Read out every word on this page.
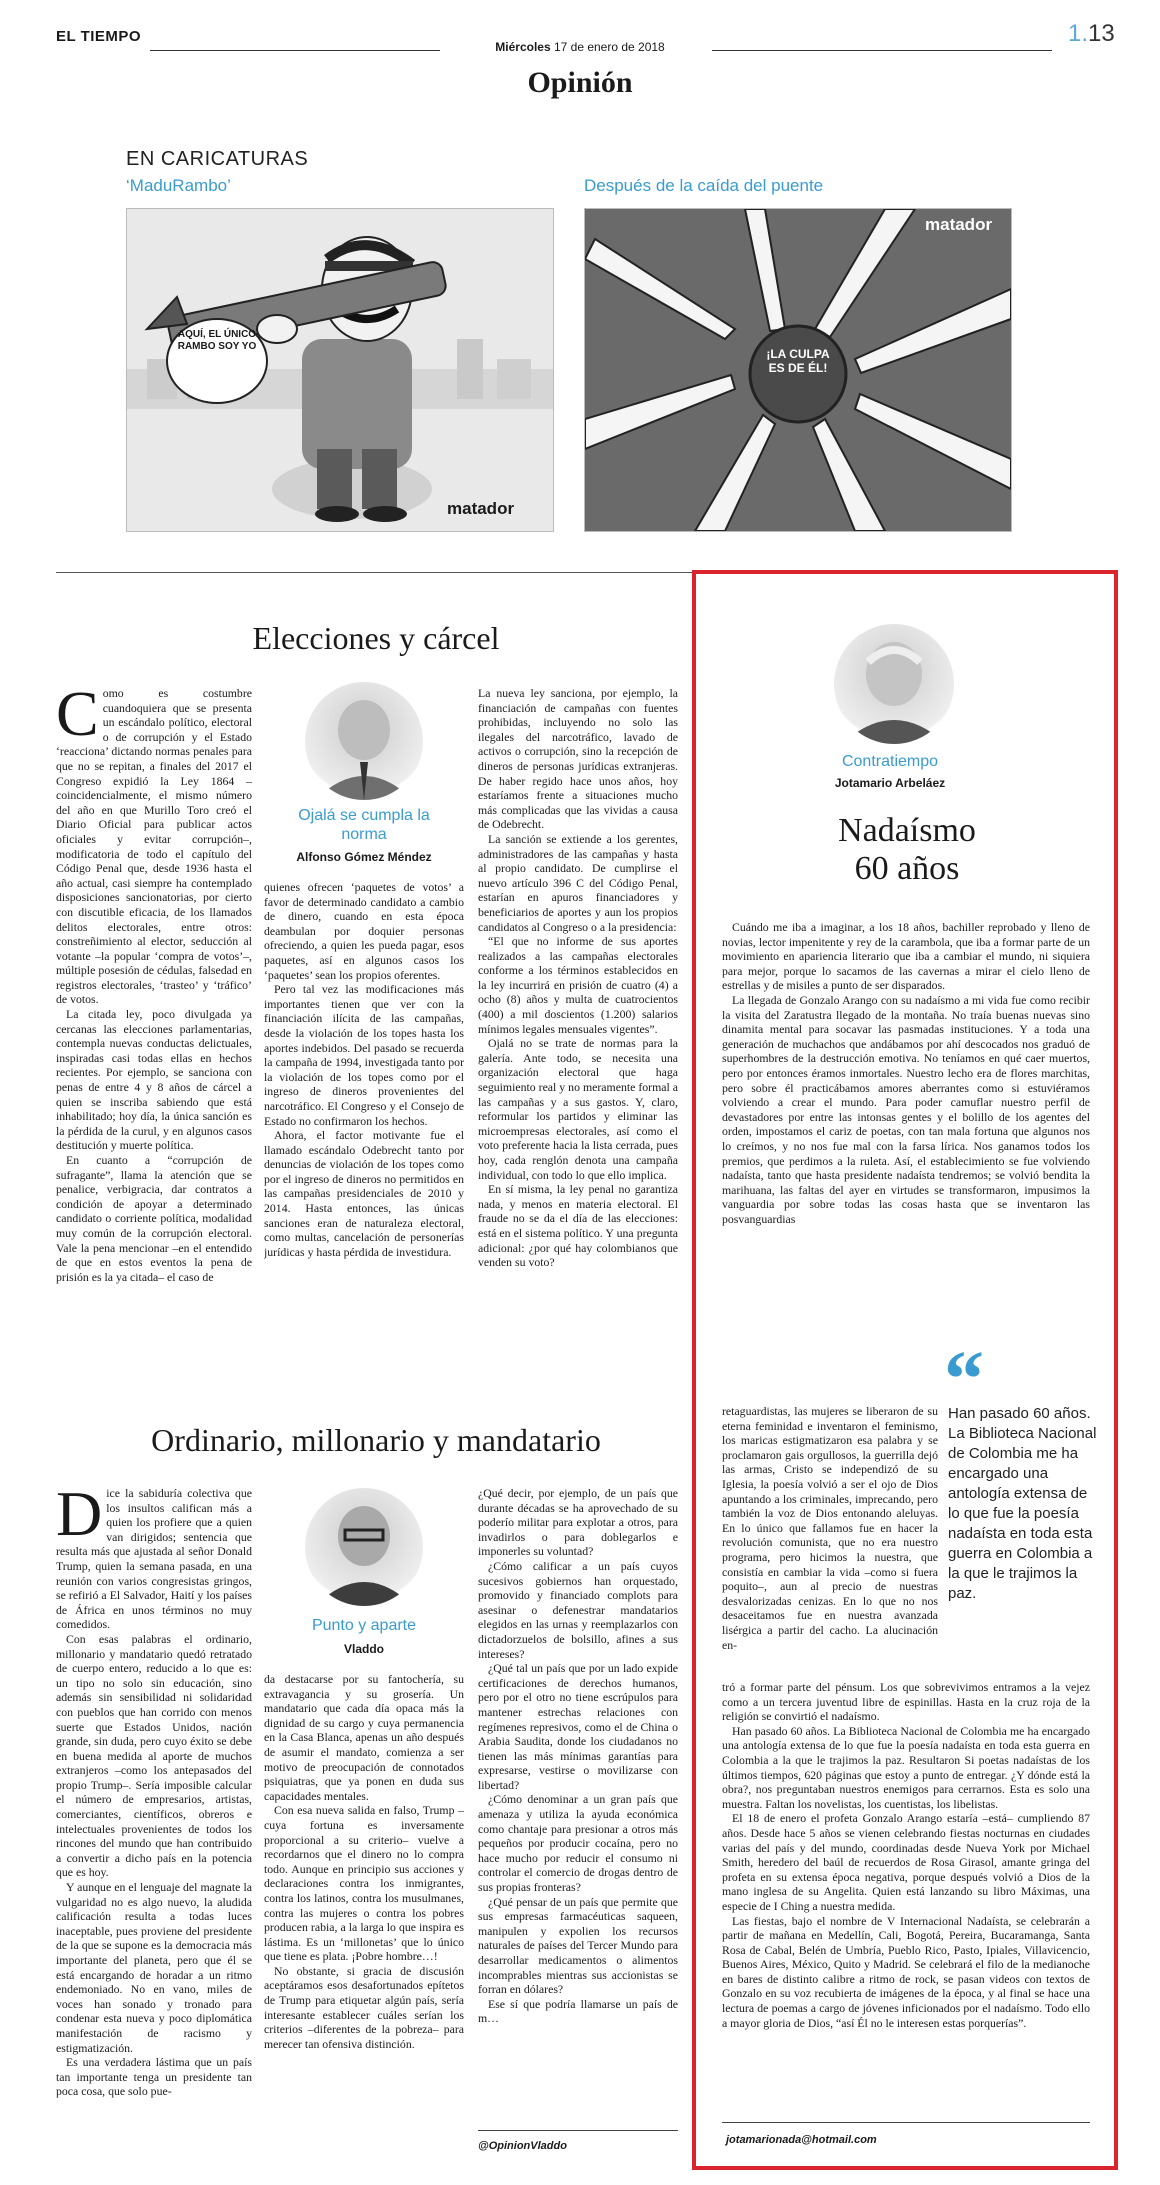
EL TIEMPO
Miércoles 17 de enero de 2018	1.13
Opinión
EN CARICATURAS
‘MaduRambo’	Después de la caída del puente
AQUÍ, EL ÚNICO RAMBO SOY YO
matador
¡LA CULPA ES DE ÉL!
matador
Elecciones y cárcel

Como es costumbre cuandoquiera que se presenta un escándalo político, electoral o de corrupción y el Estado ‘reacciona’ dictando normas penales para que no se repitan, a finales del 2017 el Congreso expidió la Ley 1864 –coincidencialmente, el mismo número del año en que Murillo Toro creó el Diario Oficial para publicar actos oficiales y evitar corrupción–, modificatoria de todo el capítulo del Código Penal que, desde 1936 hasta el año actual, casi siempre ha contemplado disposiciones sancionatorias, por cierto con discutible eficacia, de los llamados delitos electorales, entre otros: constreñimiento al elector, seducción al votante –la popular ‘compra de votos’–, múltiple posesión de cédulas, falsedad en registros electorales, ‘trasteo’ y ‘tráfico’ de votos.

La citada ley, poco divulgada ya cercanas las elecciones parlamentarias, contempla nuevas conductas delictuales, inspiradas casi todas ellas en hechos recientes. Por ejemplo, se sanciona con penas de entre 4 y 8 años de cárcel a quien se inscriba sabiendo que está inhabilitado; hoy día, la única sanción es la pérdida de la curul, y en algunos casos destitución y muerte política.

En cuanto a “corrupción de sufragante”, llama la atención que se penalice, verbigracia, dar contratos a condición de apoyar a determinado candidato o corriente política, modalidad muy común de la corrupción electoral. Vale la pena mencionar –en el entendido de que en estos eventos la pena de prisión es la ya citada– el caso de

Ojalá se cumpla la norma
Alfonso Gómez Méndez

quienes ofrecen ‘paquetes de votos’ a favor de determinado candidato a cambio de dinero, cuando en esta época deambulan por doquier personas ofreciendo, a quien les pueda pagar, esos paquetes, así en algunos casos los ‘paquetes’ sean los propios oferentes.

Pero tal vez las modificaciones más importantes tienen que ver con la financiación ilícita de las campañas, desde la violación de los topes hasta los aportes indebidos. Del pasado se recuerda la campaña de 1994, investigada tanto por la violación de los topes como por el ingreso de dineros provenientes del narcotráfico. El Congreso y el Consejo de Estado no confirmaron los hechos.

Ahora, el factor motivante fue el llamado escándalo Odebrecht tanto por denuncias de violación de los topes como por el ingreso de dineros no permitidos en las campañas presidenciales de 2010 y 2014. Hasta entonces, las únicas sanciones eran de naturaleza electoral, como multas, cancelación de personerías jurídicas y hasta pérdida de investidura.

La nueva ley sanciona, por ejemplo, la financiación de campañas con fuentes prohibidas, incluyendo no solo las ilegales del narcotráfico, lavado de activos o corrupción, sino la recepción de dineros de personas jurídicas extranjeras. De haber regido hace unos años, hoy estaríamos frente a situaciones mucho más complicadas que las vividas a causa de Odebrecht.

La sanción se extiende a los gerentes, administradores de las campañas y hasta al propio candidato. De cumplirse el nuevo artículo 396 C del Código Penal, estarían en apuros financiadores y beneficiarios de aportes y aun los propios candidatos al Congreso o a la presidencia:

“El que no informe de sus aportes realizados a las campañas electorales conforme a los términos establecidos en la ley incurrirá en prisión de cuatro (4) a ocho (8) años y multa de cuatrocientos (400) a mil doscientos (1.200) salarios mínimos legales mensuales vigentes”.

Ojalá no se trate de normas para la galería. Ante todo, se necesita una organización electoral que haga seguimiento real y no meramente formal a las campañas y a sus gastos. Y, claro, reformular los partidos y eliminar las microempresas electorales, así como el voto preferente hacia la lista cerrada, pues hoy, cada renglón denota una campaña individual, con todo lo que ello implica.

En sí misma, la ley penal no garantiza nada, y menos en materia electoral. El fraude no se da el día de las elecciones: está en el sistema político. Y una pregunta adicional: ¿por qué hay colombianos que venden su voto?

Ordinario, millonario y mandatario

Dice la sabiduría colectiva que los insultos califican más a quien los profiere que a quien van dirigidos; sentencia que resulta más que ajustada al señor Donald Trump, quien la semana pasada, en una reunión con varios congresistas gringos, se refirió a El Salvador, Haití y los países de África en unos términos no muy comedidos.

Con esas palabras el ordinario, millonario y mandatario quedó retratado de cuerpo entero, reducido a lo que es: un tipo no solo sin educación, sino además sin sensibilidad ni solidaridad con pueblos que han corrido con menos suerte que Estados Unidos, nación grande, sin duda, pero cuyo éxito se debe en buena medida al aporte de muchos extranjeros –como los antepasados del propio Trump–. Sería imposible calcular el número de empresarios, artistas, comerciantes, científicos, obreros e intelectuales provenientes de todos los rincones del mundo que han contribuido a convertir a dicho país en la potencia que es hoy.

Y aunque en el lenguaje del magnate la vulgaridad no es algo nuevo, la aludida calificación resulta a todas luces inaceptable, pues proviene del presidente de la que se supone es la democracia más importante del planeta, pero que él se está encargando de horadar a un ritmo endemoniado. No en vano, miles de voces han sonado y tronado para condenar esta nueva y poco diplomática manifestación de racismo y estigmatización.

Es una verdadera lástima que un país tan importante tenga un presidente tan poca cosa, que solo pue-

Punto y aparte
Vladdo

da destacarse por su fantochería, su extravagancia y su grosería. Un mandatario que cada día opaca más la dignidad de su cargo y cuya permanencia en la Casa Blanca, apenas un año después de asumir el mandato, comienza a ser motivo de preocupación de connotados psiquiatras, que ya ponen en duda sus capacidades mentales.

Con esa nueva salida en falso, Trump –cuya fortuna es inversamente proporcional a su criterio– vuelve a recordarnos que el dinero no lo compra todo. Aunque en principio sus acciones y declaraciones contra los inmigrantes, contra los latinos, contra los musulmanes, contra las mujeres o contra los pobres producen rabia, a la larga lo que inspira es lástima. Es un ‘millonetas’ que lo único que tiene es plata. ¡Pobre hombre…!

No obstante, si gracia de discusión aceptáramos esos desafortunados epítetos de Trump para etiquetar algún país, sería interesante establecer cuáles serían los criterios –diferentes de la pobreza– para merecer tan ofensiva distinción.

¿Qué decir, por ejemplo, de un país que durante décadas se ha aprovechado de su poderío militar para explotar a otros, para invadirlos o para doblegarlos e imponerles su voluntad?

¿Cómo calificar a un país cuyos sucesivos gobiernos han orquestado, promovido y financiado complots para asesinar o defenestrar mandatarios elegidos en las urnas y reemplazarlos con dictadorzuelos de bolsillo, afines a sus intereses?

¿Qué tal un país que por un lado expide certificaciones de derechos humanos, pero por el otro no tiene escrúpulos para mantener estrechas relaciones con regímenes represivos, como el de China o Arabia Saudita, donde los ciudadanos no tienen las más mínimas garantías para expresarse, vestirse o movilizarse con libertad?

¿Cómo denominar a un gran país que amenaza y utiliza la ayuda económica como chantaje para presionar a otros más pequeños por producir cocaína, pero no hace mucho por reducir el consumo ni controlar el comercio de drogas dentro de sus propias fronteras?

¿Qué pensar de un país que permite que sus empresas farmacéuticas saqueen, manipulen y expolien los recursos naturales de países del Tercer Mundo para desarrollar medicamentos o alimentos incomprables mientras sus accionistas se forran en dólares?

Ese sí que podría llamarse un país de m…

@OpinionVladdo
Contratiempo
Jotamario Arbeláez
Nadaísmo
60 años

Cuándo me iba a imaginar, a los 18 años, bachiller reprobado y lleno de novias, lector impenitente y rey de la carambola, que iba a formar parte de un movimiento en apariencia literario que iba a cambiar el mundo, ni siquiera para mejor, porque lo sacamos de las cavernas a mirar el cielo lleno de estrellas y de misiles a punto de ser disparados.

La llegada de Gonzalo Arango con su nadaísmo a mi vida fue como recibir la visita del Zaratustra llegado de la montaña. No traía buenas nuevas sino dinamita mental para socavar las pasmadas instituciones. Y a toda una generación de muchachos que andábamos por ahí descocados nos graduó de superhombres de la destrucción emotiva. No teníamos en qué caer muertos, pero por entonces éramos inmortales. Nuestro lecho era de flores marchitas, pero sobre él practicábamos amores aberrantes como si estuviéramos volviendo a crear el mundo. Para poder camuflar nuestro perfil de devastadores por entre las intonsas gentes y el bolillo de los agentes del orden, impostamos el cariz de poetas, con tan mala fortuna que algunos nos lo creímos, y no nos fue mal con la farsa lírica. Nos ganamos todos los premios, que perdimos a la ruleta. Así, el establecimiento se fue volviendo nadaísta, tanto que hasta presidente nadaísta tendremos; se volvió bendita la marihuana, las faltas del ayer en virtudes se transformaron, impusimos la vanguardia por sobre todas las cosas hasta que se inventaron las posvanguardias

retaguardistas, las mujeres se liberaron de su eterna feminidad e inventaron el feminismo, los maricas estigmatizaron esa palabra y se proclamaron gais orgullosos, la guerrilla dejó las armas, Cristo se independizó de su Iglesia, la poesía volvió a ser el ojo de Dios apuntando a los criminales, imprecando, pero también la voz de Dios entonando aleluyas. En lo único que fallamos fue en hacer la revolución comunista, que no era nuestro programa, pero hicimos la nuestra, que consistía en cambiar la vida –como si fuera poquito–, aun al precio de nuestras desvalorizadas cenizas. En lo que no nos desaceitamos fue en nuestra avanzada lisérgica a partir del cacho. La alucinación en-

“
Han pasado 60 años. La Biblioteca Nacional de Colombia me ha encargado una antología extensa de lo que fue la poesía nadaísta en toda esta guerra en Colombia a la que le trajimos la paz.

tró a formar parte del pénsum. Los que sobrevivimos entramos a la vejez como a un tercera juventud libre de espinillas. Hasta en la cruz roja de la religión se convirtió el nadaísmo.

Han pasado 60 años. La Biblioteca Nacional de Colombia me ha encargado una antología extensa de lo que fue la poesía nadaísta en toda esta guerra en Colombia a la que le trajimos la paz. Resultaron Si poetas nadaístas de los últimos tiempos, 620 páginas que estoy a punto de entregar. ¿Y dónde está la obra?, nos preguntaban nuestros enemigos para cerrarnos. Esta es solo una muestra. Faltan los novelistas, los cuentistas, los libelistas.

El 18 de enero el profeta Gonzalo Arango estaría –está– cumpliendo 87 años. Desde hace 5 años se vienen celebrando fiestas nocturnas en ciudades varias del país y del mundo, coordinadas desde Nueva York por Michael Smith, heredero del baúl de recuerdos de Rosa Girasol, amante gringa del profeta en su extensa época negativa, porque después volvió a Dios de la mano inglesa de su Angelita. Quien está lanzando su libro Máximas, una especie de I Ching a nuestra medida.

Las fiestas, bajo el nombre de V Internacional Nadaísta, se celebrarán a partir de mañana en Medellín, Cali, Bogotá, Pereira, Bucaramanga, Santa Rosa de Cabal, Belén de Umbría, Pueblo Rico, Pasto, Ipiales, Villavicencio, Buenos Aires, México, Quito y Madrid. Se celebrará el filo de la medianoche en bares de distinto calibre a ritmo de rock, se pasan videos con textos de Gonzalo en su voz recubierta de imágenes de la época, y al final se hace una lectura de poemas a cargo de jóvenes inficionados por el nadaísmo. Todo ello a mayor gloria de Dios, “así Él no le interesen estas porquerías”.

jotamarionada@hotmail.com
